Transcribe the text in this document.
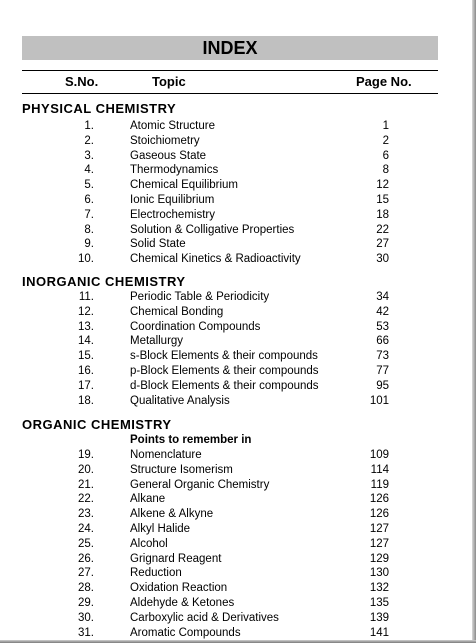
INDEX
S.No.	Topic	Page No.
PHYSICAL CHEMISTRY
1.	Atomic Structure	1
2.	Stoichiometry	2
3.	Gaseous State	6
4.	Thermodynamics	8
5.	Chemical Equilibrium	12
6.	Ionic Equilibrium	15
7.	Electrochemistry	18
8.	Solution & Colligative Properties	22
9.	Solid State	27
10.	Chemical Kinetics & Radioactivity	30
INORGANIC CHEMISTRY
11.	Periodic Table & Periodicity	34
12.	Chemical Bonding	42
13.	Coordination Compounds	53
14.	Metallurgy	66
15.	s-Block Elements & their compounds	73
16.	p-Block Elements & their compounds	77
17.	d-Block Elements & their compounds	95
18.	Qualitative Analysis	101
ORGANIC CHEMISTRY
Points to remember in
19.	Nomenclature	109
20.	Structure Isomerism	114
21.	General Organic Chemistry	119
22.	Alkane	126
23.	Alkene & Alkyne	126
24.	Alkyl Halide	127
25.	Alcohol	127
26.	Grignard Reagent	129
27.	Reduction	130
28.	Oxidation Reaction	132
29.	Aldehyde & Ketones	135
30.	Carboxylic acid & Derivatives	139
31.	Aromatic Compounds	141
